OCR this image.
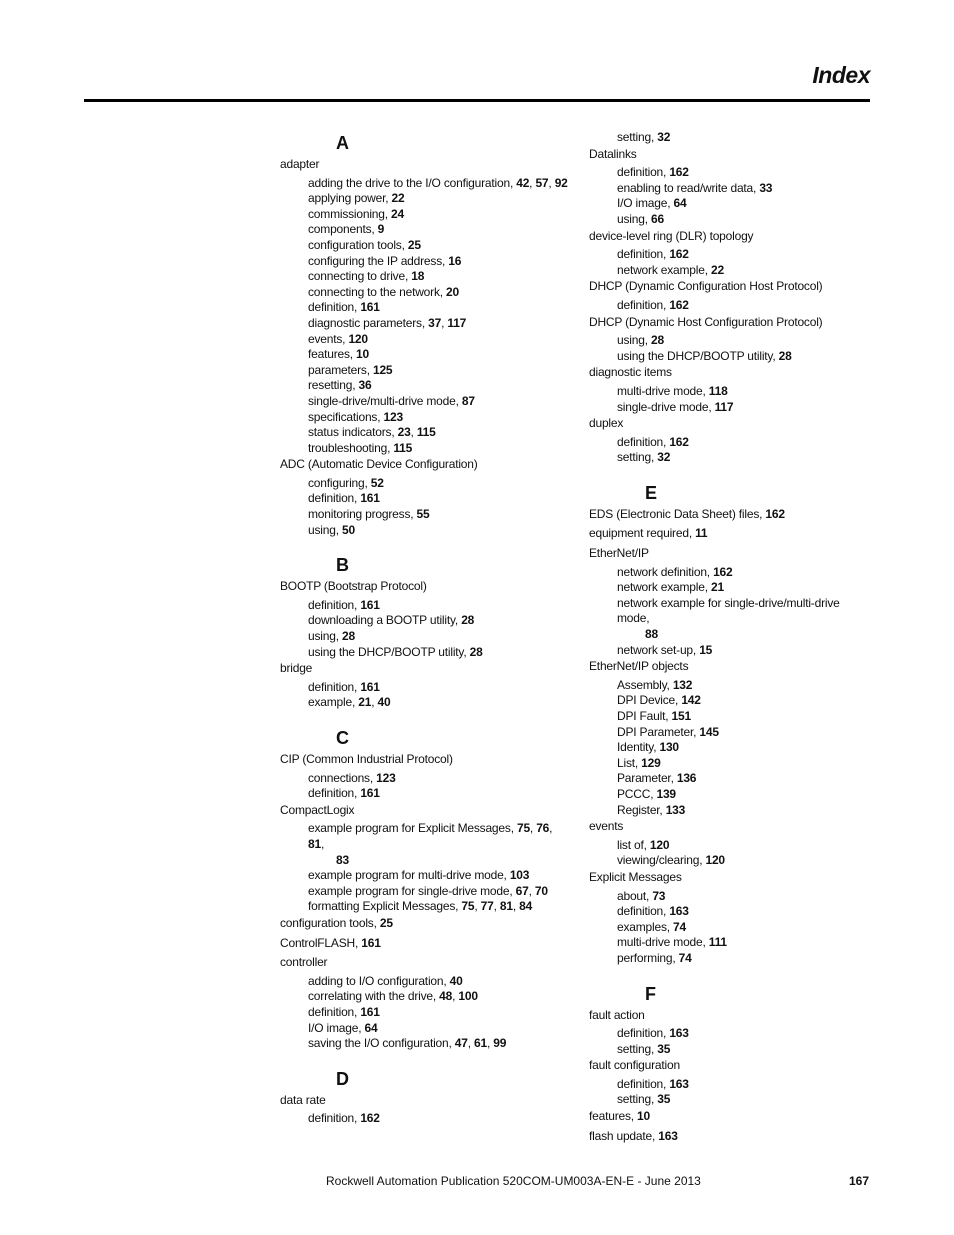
Index
A
adapter
adding the drive to the I/O configuration, 42, 57, 92
applying power, 22
commissioning, 24
components, 9
configuration tools, 25
configuring the IP address, 16
connecting to drive, 18
connecting to the network, 20
definition, 161
diagnostic parameters, 37, 117
events, 120
features, 10
parameters, 125
resetting, 36
single-drive/multi-drive mode, 87
specifications, 123
status indicators, 23, 115
troubleshooting, 115
ADC (Automatic Device Configuration)
configuring, 52
definition, 161
monitoring progress, 55
using, 50
B
BOOTP (Bootstrap Protocol)
definition, 161
downloading a BOOTP utility, 28
using, 28
using the DHCP/BOOTP utility, 28
bridge
definition, 161
example, 21, 40
C
CIP (Common Industrial Protocol)
connections, 123
definition, 161
CompactLogix
example program for Explicit Messages, 75, 76, 81,
83
example program for multi-drive mode, 103
example program for single-drive mode, 67, 70
formatting Explicit Messages, 75, 77, 81, 84
configuration tools, 25
ControlFLASH, 161
controller
adding to I/O configuration, 40
correlating with the drive, 48, 100
definition, 161
I/O image, 64
saving the I/O configuration, 47, 61, 99
D
data rate
definition, 162
setting, 32
Datalinks
definition, 162
enabling to read/write data, 33
I/O image, 64
using, 66
device-level ring (DLR) topology
definition, 162
network example, 22
DHCP (Dynamic Configuration Host Protocol)
definition, 162
DHCP (Dynamic Host Configuration Protocol)
using, 28
using the DHCP/BOOTP utility, 28
diagnostic items
multi-drive mode, 118
single-drive mode, 117
duplex
definition, 162
setting, 32
E
EDS (Electronic Data Sheet) files, 162
equipment required, 11
EtherNet/IP
network definition, 162
network example, 21
network example for single-drive/multi-drive mode,
88
network set-up, 15
EtherNet/IP objects
Assembly, 132
DPI Device, 142
DPI Fault, 151
DPI Parameter, 145
Identity, 130
List, 129
Parameter, 136
PCCC, 139
Register, 133
events
list of, 120
viewing/clearing, 120
Explicit Messages
about, 73
definition, 163
examples, 74
multi-drive mode, 111
performing, 74
F
fault action
definition, 163
setting, 35
fault configuration
definition, 163
setting, 35
features, 10
flash update, 163
Rockwell Automation Publication 520COM-UM003A-EN-E - June 2013	167
